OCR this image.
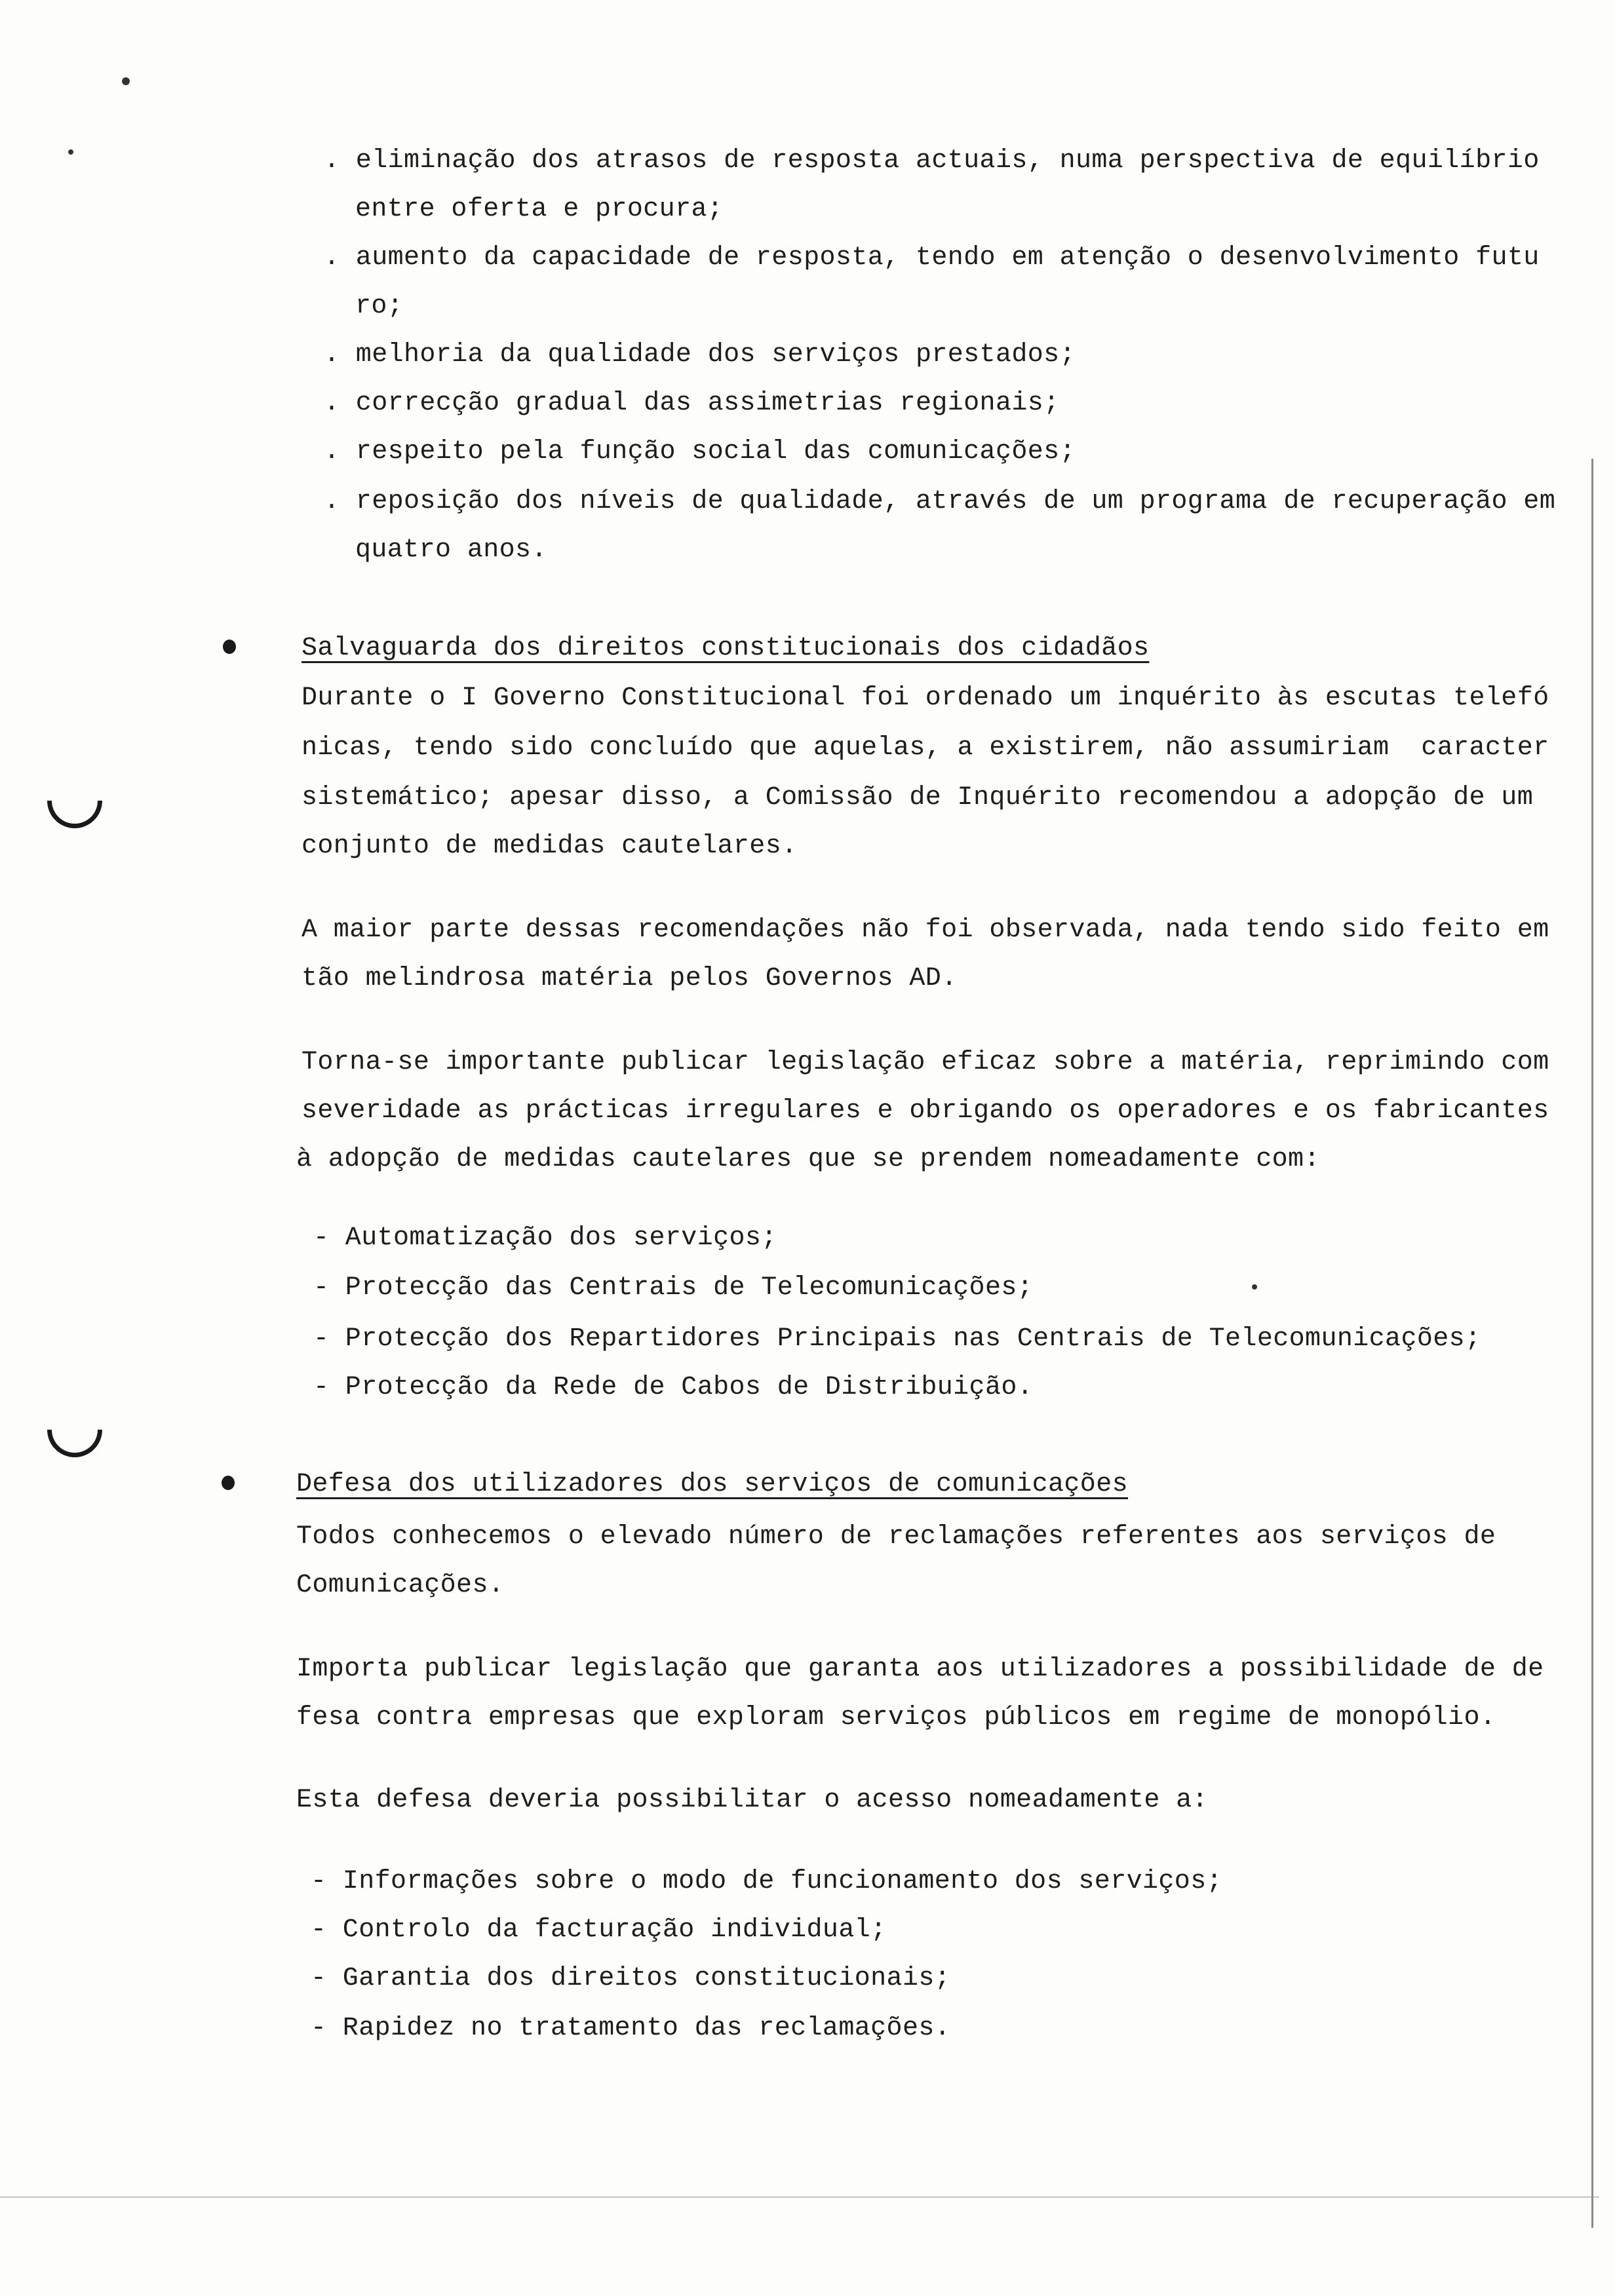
. eliminação dos atrasos de resposta actuais, numa perspectiva de equilíbrio
entre oferta e procura;
. aumento da capacidade de resposta, tendo em atenção o desenvolvimento futu
ro;
. melhoria da qualidade dos serviços prestados;
. correcção gradual das assimetrias regionais;
. respeito pela função social das comunicações;
. reposição dos níveis de qualidade, através de um programa de recuperação em
quatro anos.
Salvaguarda dos direitos constitucionais dos cidadãos
Durante o I Governo Constitucional foi ordenado um inquérito às escutas telefó
nicas, tendo sido concluído que aquelas, a existirem, não assumiriam  caracter
sistemático; apesar disso, a Comissão de Inquérito recomendou a adopção de um
conjunto de medidas cautelares.
A maior parte dessas recomendações não foi observada, nada tendo sido feito em
tão melindrosa matéria pelos Governos AD.
Torna-se importante publicar legislação eficaz sobre a matéria, reprimindo com
severidade as prácticas irregulares e obrigando os operadores e os fabricantes
à adopção de medidas cautelares que se prendem nomeadamente com:
- Automatização dos serviços;
- Protecção das Centrais de Telecomunicações;
- Protecção dos Repartidores Principais nas Centrais de Telecomunicações;
- Protecção da Rede de Cabos de Distribuição.
Defesa dos utilizadores dos serviços de comunicações
Todos conhecemos o elevado número de reclamações referentes aos serviços de
Comunicações.
Importa publicar legislação que garanta aos utilizadores a possibilidade de de
fesa contra empresas que exploram serviços públicos em regime de monopólio.
Esta defesa deveria possibilitar o acesso nomeadamente a:
- Informações sobre o modo de funcionamento dos serviços;
- Controlo da facturação individual;
- Garantia dos direitos constitucionais;
- Rapidez no tratamento das reclamações.
